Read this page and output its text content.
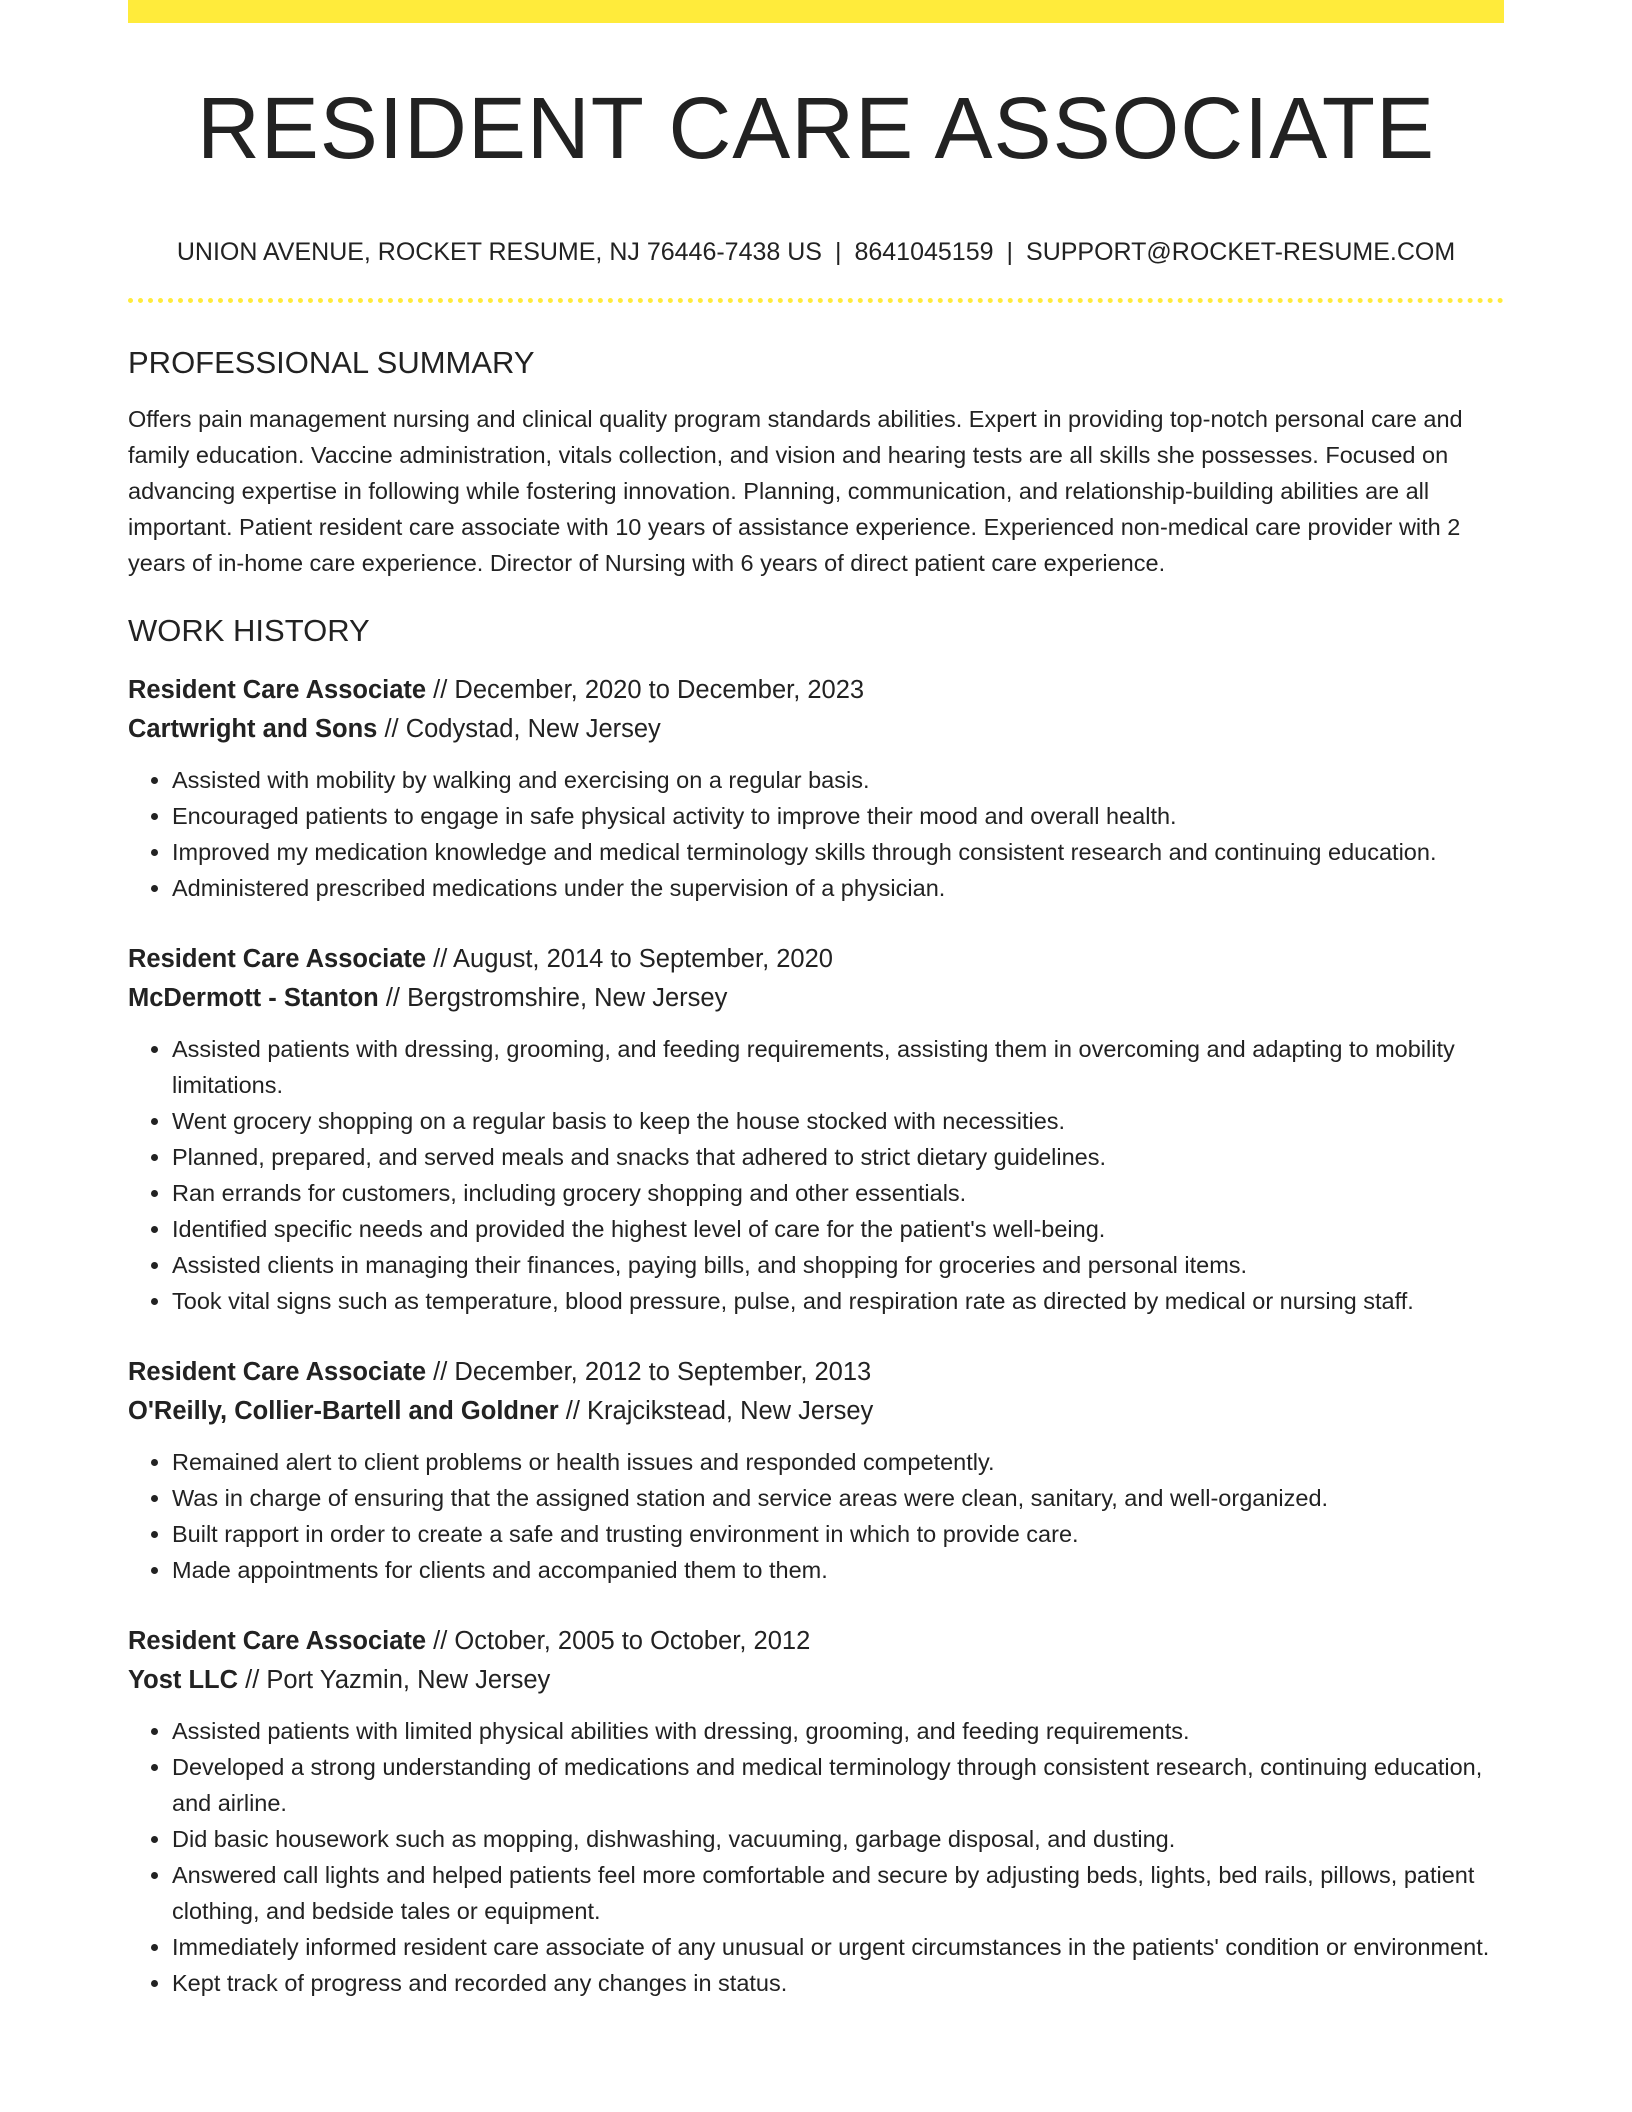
RESIDENT CARE ASSOCIATE
UNION AVENUE, ROCKET RESUME, NJ 76446-7438 US | 8641045159 | SUPPORT@ROCKET-RESUME.COM
PROFESSIONAL SUMMARY

Offers pain management nursing and clinical quality program standards abilities. Expert in providing top-notch personal care and family education. Vaccine administration, vitals collection, and vision and hearing tests are all skills she possesses. Focused on advancing expertise in following while fostering innovation. Planning, communication, and relationship-building abilities are all important. Patient resident care associate with 10 years of assistance experience. Experienced non-medical care provider with 2 years of in-home care experience. Director of Nursing with 6 years of direct patient care experience.

WORK HISTORY
Resident Care Associate // December, 2020 to December, 2023
Cartwright and Sons // Codystad, New Jersey
• Assisted with mobility by walking and exercising on a regular basis.
• Encouraged patients to engage in safe physical activity to improve their mood and overall health.
• Improved my medication knowledge and medical terminology skills through consistent research and continuing education.
• Administered prescribed medications under the supervision of a physician.
Resident Care Associate // August, 2014 to September, 2020
McDermott - Stanton // Bergstromshire, New Jersey
• Assisted patients with dressing, grooming, and feeding requirements, assisting them in overcoming and adapting to mobility limitations.
• Went grocery shopping on a regular basis to keep the house stocked with necessities.
• Planned, prepared, and served meals and snacks that adhered to strict dietary guidelines.
• Ran errands for customers, including grocery shopping and other essentials.
• Identified specific needs and provided the highest level of care for the patient's well-being.
• Assisted clients in managing their finances, paying bills, and shopping for groceries and personal items.
• Took vital signs such as temperature, blood pressure, pulse, and respiration rate as directed by medical or nursing staff.
Resident Care Associate // December, 2012 to September, 2013
O'Reilly, Collier-Bartell and Goldner // Krajcikstead, New Jersey
• Remained alert to client problems or health issues and responded competently.
• Was in charge of ensuring that the assigned station and service areas were clean, sanitary, and well-organized.
• Built rapport in order to create a safe and trusting environment in which to provide care.
• Made appointments for clients and accompanied them to them.
Resident Care Associate // October, 2005 to October, 2012
Yost LLC // Port Yazmin, New Jersey
• Assisted patients with limited physical abilities with dressing, grooming, and feeding requirements.
• Developed a strong understanding of medications and medical terminology through consistent research, continuing education, and airline.
• Did basic housework such as mopping, dishwashing, vacuuming, garbage disposal, and dusting.
• Answered call lights and helped patients feel more comfortable and secure by adjusting beds, lights, bed rails, pillows, patient clothing, and bedside tales or equipment.
• Immediately informed resident care associate of any unusual or urgent circumstances in the patients' condition or environment.
• Kept track of progress and recorded any changes in status.
